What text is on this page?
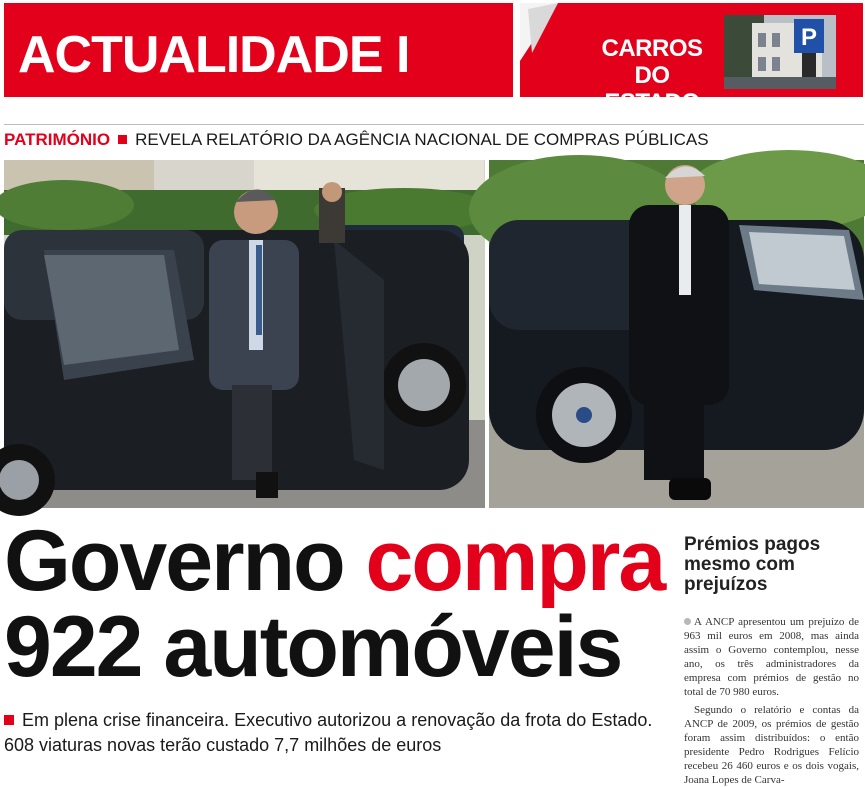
ACTUALIDADE I	CARROS DO
ESTADO
P
PATRIMÓNIO REVELA RELATÓRIO DA AGÊNCIA NACIONAL DE COMPRAS PÚBLICAS
Governo compra
922 automóveis
Em plena crise financeira. Executivo autorizou a renovação da frota do Estado. 608 viaturas novas terão custado 7,7 milhões de euros
Prémios pagos mesmo com prejuízos

A ANCP apresentou um prejuízo de 963 mil euros em 2008, mas ainda assim o Governo contemplou, nesse ano, os três administradores da empresa com prémios de gestão no total de 70 980 euros.

Segundo o relatório e contas da ANCP de 2009, os prémios de gestão foram assim distribuídos: o então presidente Pedro Rodrigues Felício recebeu 26 460 euros e os dois vogais, Joana Lopes de Carva-
